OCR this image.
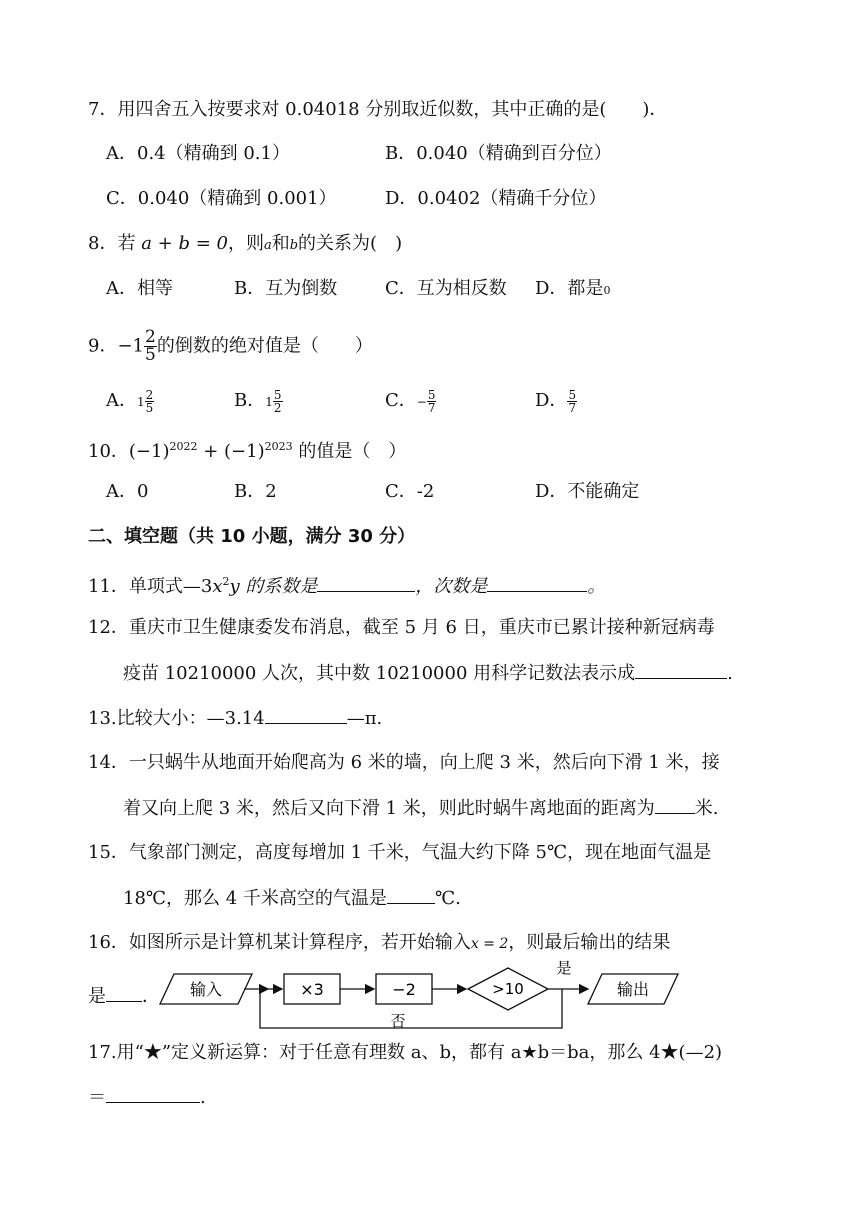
7．用四舍五入按要求对 0.04018 分别取近似数，其中正确的是(　　)．
A．0.4（精确到 0.1）	B．0.040（精确到百分位）
C．0.040（精确到 0.001）	D．0.0402（精确千分位）
8．若 a + b = 0，则a和b的关系为(　)
A．相等	B．互为倒数	C．互为相反数 D．都是0
9．$-1 \frac{2}{5}$ 的倒数的绝对值是（　　）
A．$1 \frac{2}{5}$	B．$1 \frac{5}{2}$	C．− $\frac{5}{7}$	D． $\frac{5}{7}$
10．$(-1)^{2022} + (-1)^{2023}$ 的值是（　）
A．0	B．2	C．-2	D．不能确定
二、填空题（共 10 小题，满分 30 分）
11．单项式$—3x^2y$ 的系数是	，次数是	。
12．重庆市卫生健康委发布消息，截至 5 月 6 日，重庆市已累计接种新冠病毒
疫苗 10210000 人次，其中数 10210000 用科学记数法表示成	.
13.比较大小：—3.14	—π.
14．一只蜗牛从地面开始爬高为 6 米的墙，向上爬 3 米，然后向下滑 1 米，接
着又向上爬 3 米，然后又向下滑 1 米，则此时蜗牛离地面的距离为 米.
15．气象部门测定，高度每增加 1 千米，气温大约下降 5℃，现在地面气温是
18℃，那么 4 千米高空的气温是	℃.
16．如图所示是计算机某计算程序，若开始输入x = 2，则最后输出的结果
是 ． 输入	×3	−2	>10
是
输出
否
17.用“★”定义新运算：对于任意有理数 a、b，都有 a★b＝ba，那么 4★(—2)
＝	.
